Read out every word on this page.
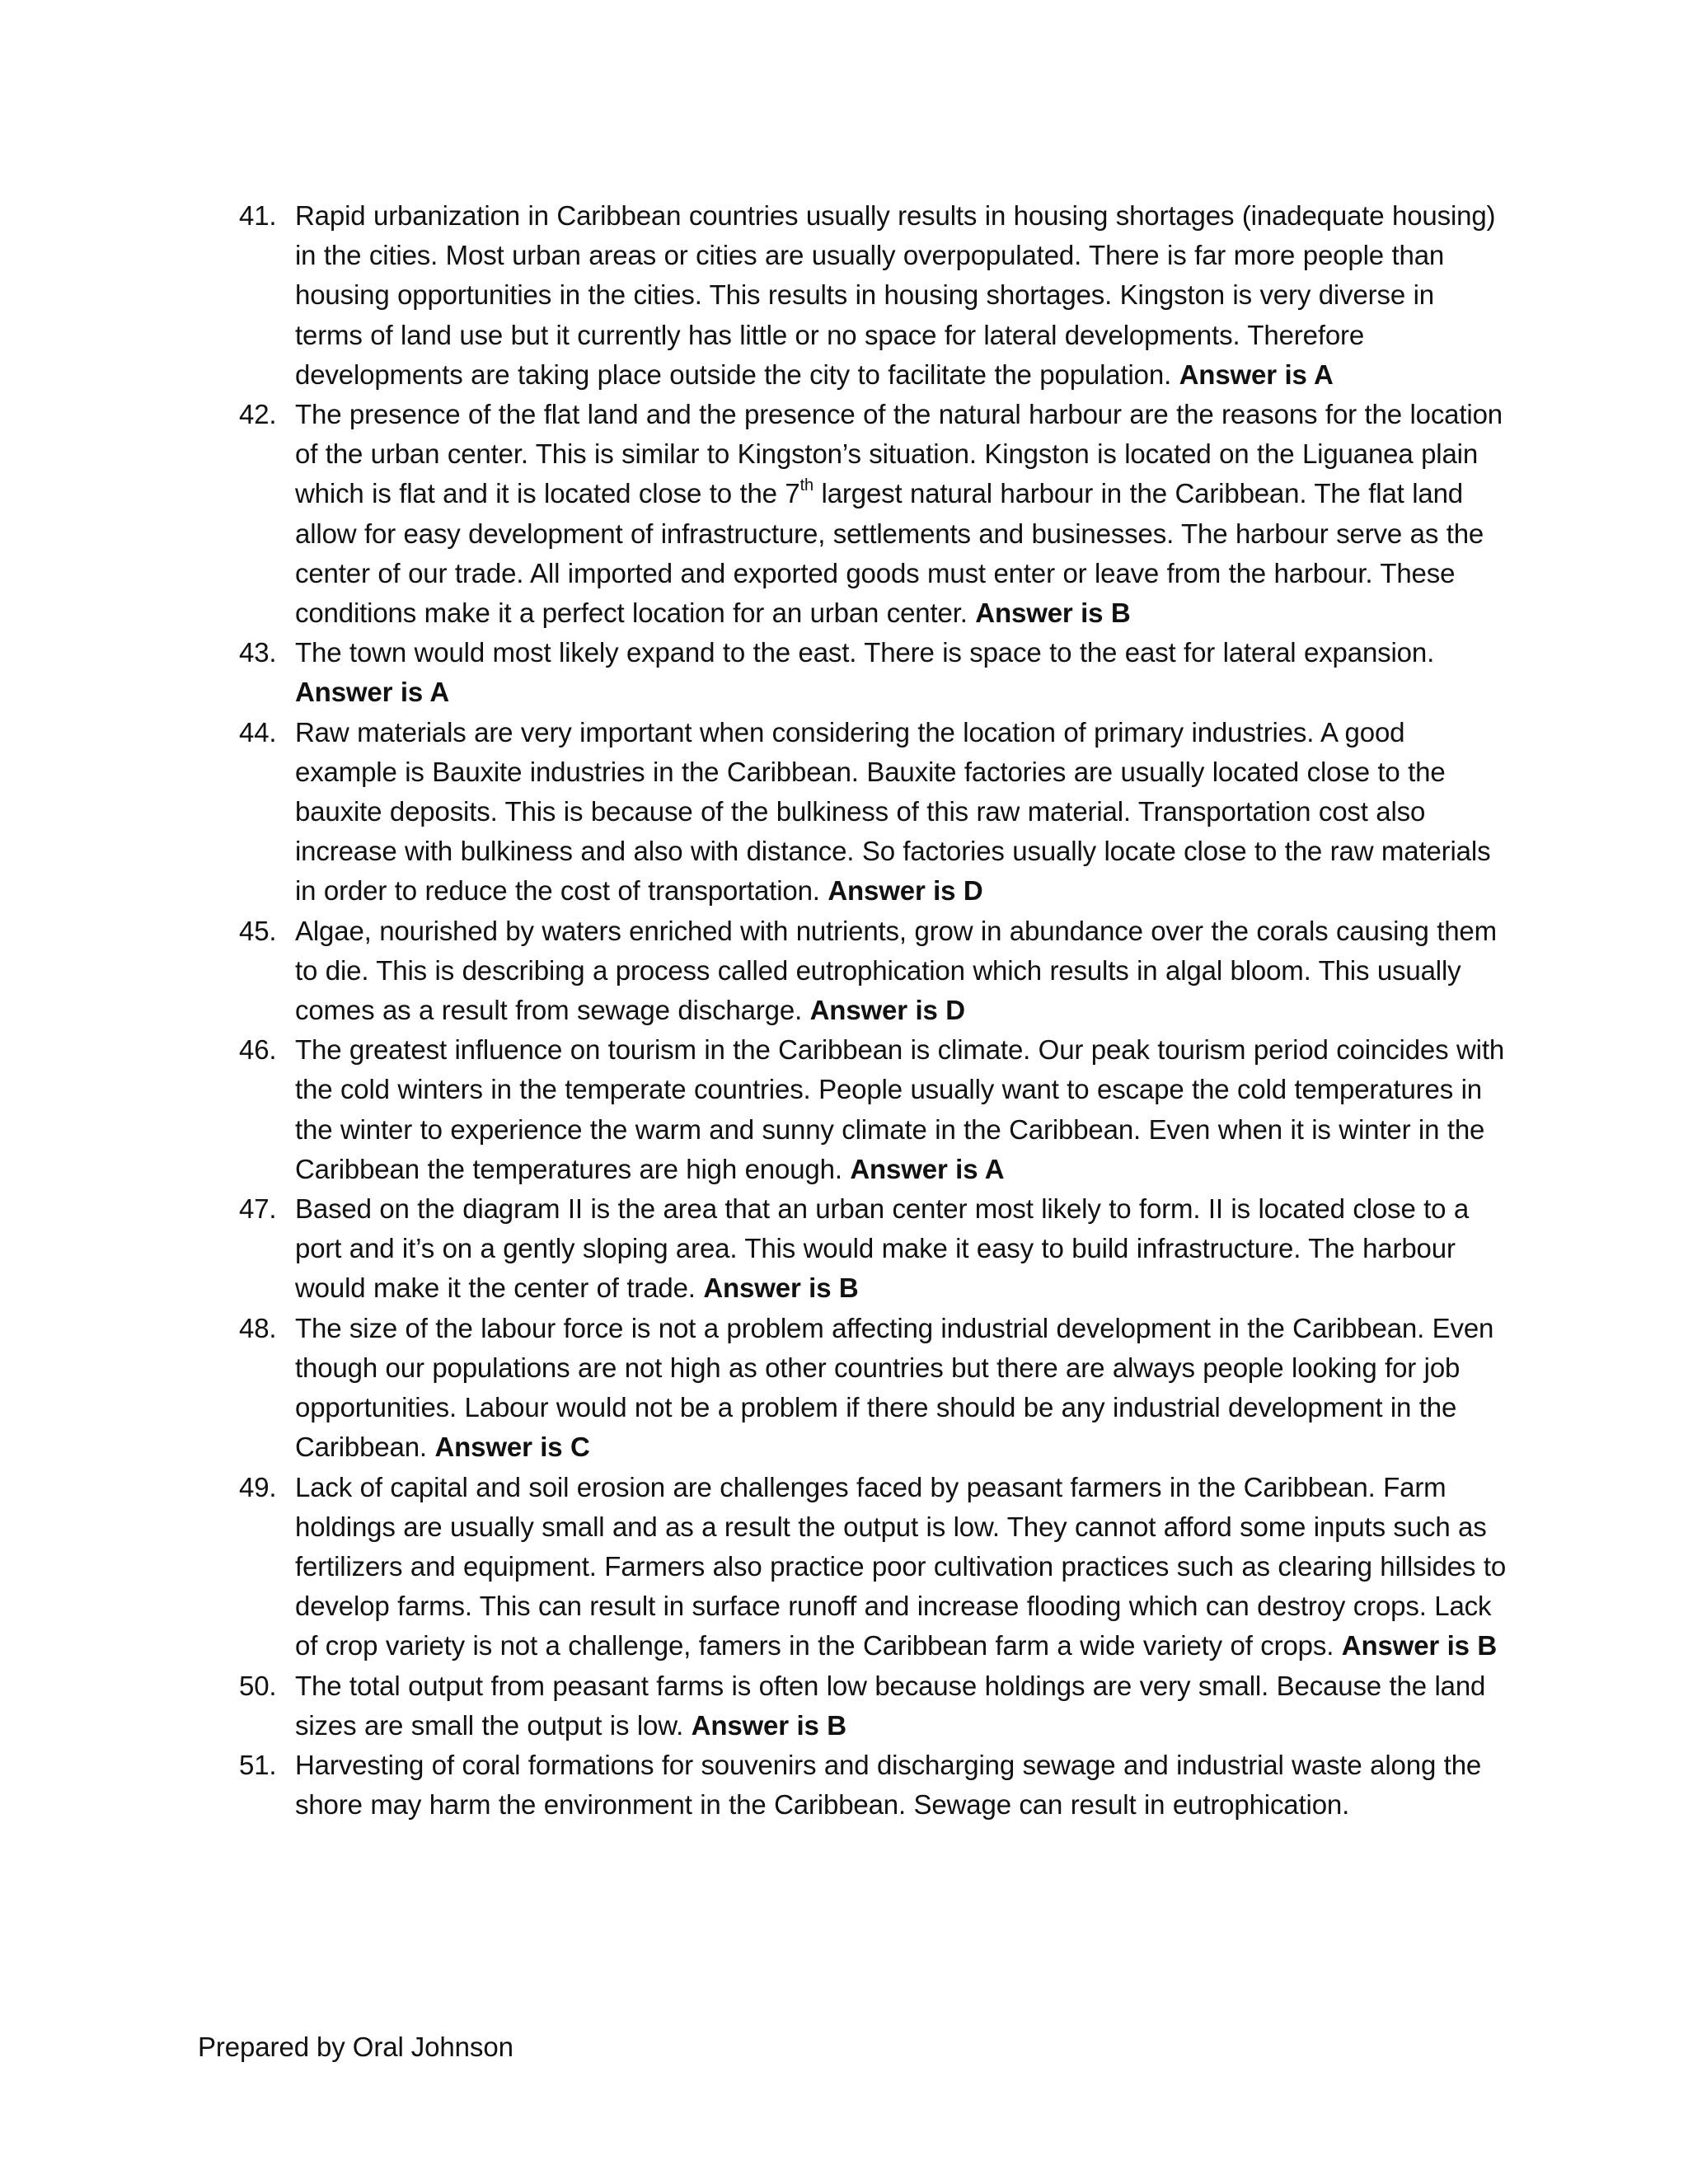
41. Rapid urbanization in Caribbean countries usually results in housing shortages (inadequate housing) in the cities. Most urban areas or cities are usually overpopulated. There is far more people than housing opportunities in the cities. This results in housing shortages. Kingston is very diverse in terms of land use but it currently has little or no space for lateral developments. Therefore developments are taking place outside the city to facilitate the population. Answer is A
42. The presence of the flat land and the presence of the natural harbour are the reasons for the location of the urban center. This is similar to Kingston’s situation. Kingston is located on the Liguanea plain which is flat and it is located close to the 7th largest natural harbour in the Caribbean. The flat land allow for easy development of infrastructure, settlements and businesses. The harbour serve as the center of our trade. All imported and exported goods must enter or leave from the harbour. These conditions make it a perfect location for an urban center. Answer is B
43. The town would most likely expand to the east. There is space to the east for lateral expansion. Answer is A
44. Raw materials are very important when considering the location of primary industries. A good example is Bauxite industries in the Caribbean. Bauxite factories are usually located close to the bauxite deposits. This is because of the bulkiness of this raw material. Transportation cost also increase with bulkiness and also with distance. So factories usually locate close to the raw materials in order to reduce the cost of transportation. Answer is D
45. Algae, nourished by waters enriched with nutrients, grow in abundance over the corals causing them to die. This is describing a process called eutrophication which results in algal bloom. This usually comes as a result from sewage discharge. Answer is D
46. The greatest influence on tourism in the Caribbean is climate. Our peak tourism period coincides with the cold winters in the temperate countries. People usually want to escape the cold temperatures in the winter to experience the warm and sunny climate in the Caribbean. Even when it is winter in the Caribbean the temperatures are high enough. Answer is A
47. Based on the diagram II is the area that an urban center most likely to form. II is located close to a port and it’s on a gently sloping area. This would make it easy to build infrastructure. The harbour would make it the center of trade. Answer is B
48. The size of the labour force is not a problem affecting industrial development in the Caribbean. Even though our populations are not high as other countries but there are always people looking for job opportunities. Labour would not be a problem if there should be any industrial development in the Caribbean. Answer is C
49. Lack of capital and soil erosion are challenges faced by peasant farmers in the Caribbean. Farm holdings are usually small and as a result the output is low. They cannot afford some inputs such as fertilizers and equipment. Farmers also practice poor cultivation practices such as clearing hillsides to develop farms. This can result in surface runoff and increase flooding which can destroy crops. Lack of crop variety is not a challenge, famers in the Caribbean farm a wide variety of crops. Answer is B
50. The total output from peasant farms is often low because holdings are very small. Because the land sizes are small the output is low. Answer is B
51. Harvesting of coral formations for souvenirs and discharging sewage and industrial waste along the shore may harm the environment in the Caribbean. Sewage can result in eutrophication.
Prepared by Oral Johnson
